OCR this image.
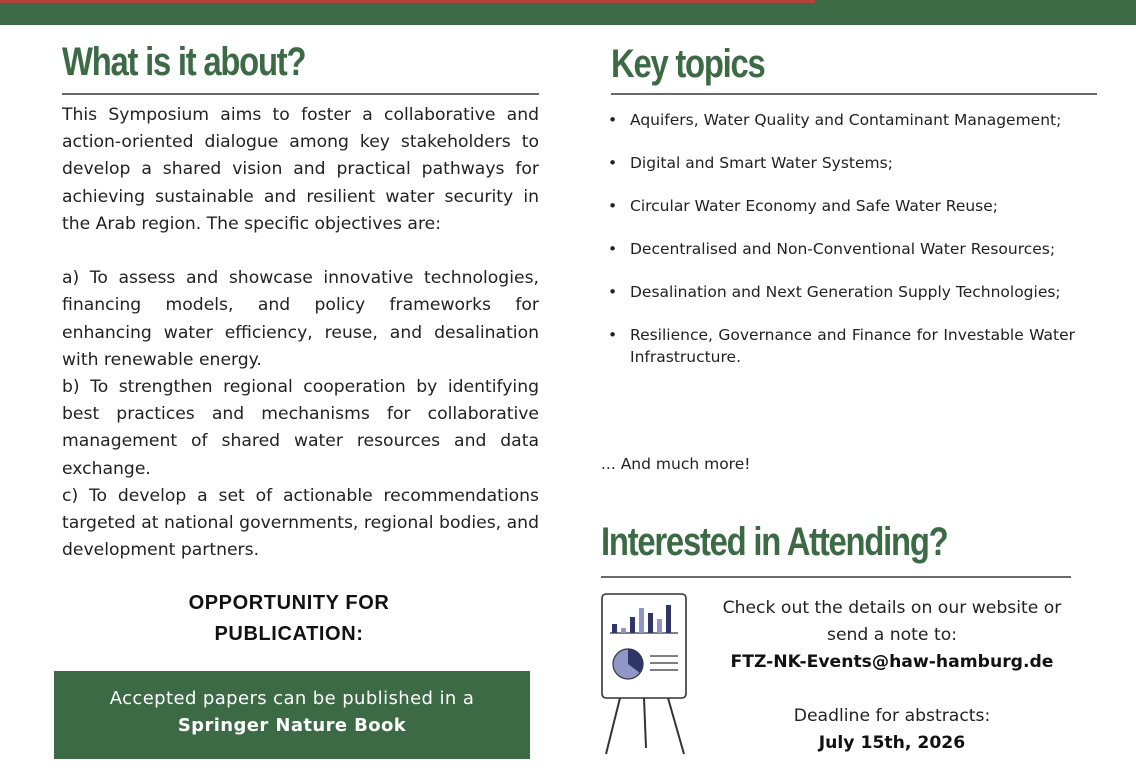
What is it about?

This Symposium aims to foster a collaborative and action-oriented dialogue among key stakeholders to develop a shared vision and practical pathways for achieving sustainable and resilient water security in the Arab region. The specific objectives are:

a) To assess and showcase innovative technologies, financing models, and policy frameworks for enhancing water efficiency, reuse, and desalination with renewable energy.

b) To strengthen regional cooperation by identifying best practices and mechanisms for collaborative management of shared water resources and data exchange.

c) To develop a set of actionable recommendations targeted at national governments, regional bodies, and development partners.

OPPORTUNITY FOR
PUBLICATION:
Accepted papers can be published in a
Springer Nature Book
Key topics
• Aquifers, Water Quality and Contaminant Management;
• Digital and Smart Water Systems;
• Circular Water Economy and Safe Water Reuse;
• Decentralised and Non-Conventional Water Resources;
• Desalination and Next Generation Supply Technologies;
• Resilience, Governance and Finance for Investable Water Infrastructure.
... And much more!
Interested in Attending?
Check out the details on our website or
send a note to:
FTZ-NK-Events@haw-hamburg.de
Deadline for abstracts:
July 15th, 2026
